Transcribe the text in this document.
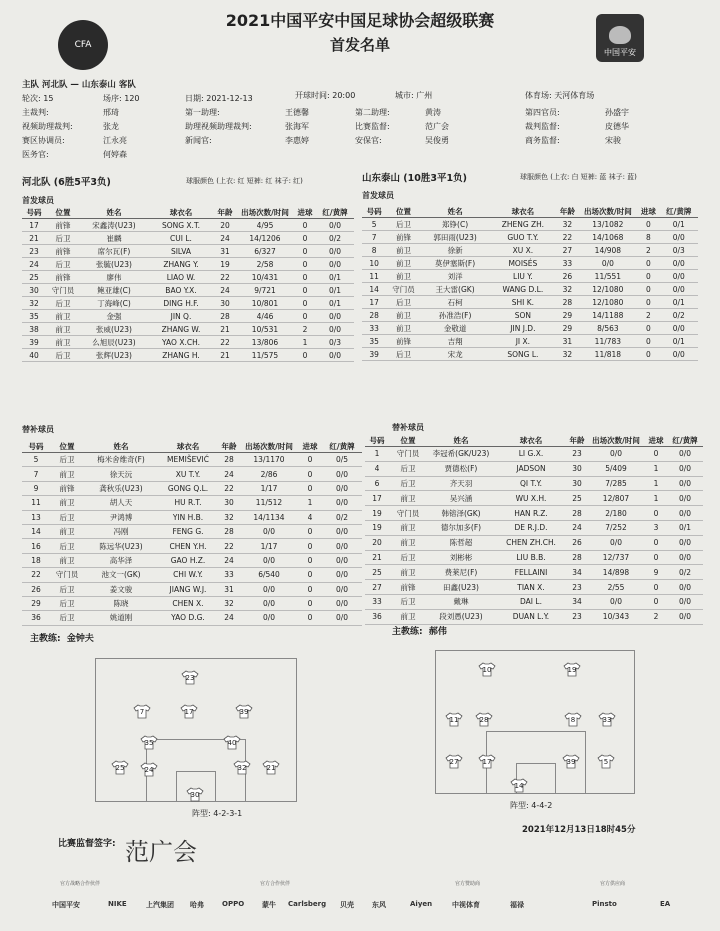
CFA
2021中国平安中国足球协会超级联赛
首发名单	中国平安
主队 河北队 — 山东泰山 客队
轮次: 15	场序: 120	日期: 2021-12-13	开球时间: 20:00	城市: 广州	体育场: 天河体育场
主裁判:	邢琦	第一助理:	王德馨	第二助理:	黄涛	第四官员:	孙盛宇
视频助理裁判:	张龙	助理视频助理裁判:	张海军	比赛监督:	范广会	裁判监督:	皮德华
赛区协调员:	江永亮	新闻官:	李惠婷	安保官:	吴俊勇	商务监督:	宋骏
医务官:	何婷森
河北队 (6胜5平3负)	球服颜色 (上衣: 红 短裤: 红 袜子: 红)
首发球员
山东泰山 (10胜3平1负)	球服颜色 (上衣: 白 短裤: 蓝 袜子: 蓝)
首发球员
号码	位置	姓名	球衣名	年龄	出场次数/时间	进球	红/黄牌
17	前锋	宋鑫涛(U23)	SONG X.T.	20	4/95	0	0/0
21	后卫	崔麟	CUI L.	24	14/1206	0	0/2
23	前锋	席尔瓦(F)	SILVA	31	6/327	0	0/0
24	后卫	张毓(U23)	ZHANG Y.	19	2/58	0	0/0
25	前锋	廖伟	LIAO W.	22	10/431	0	0/1
30	守门员	鲍亚雄(C)	BAO Y.X.	24	9/721	0	0/1
32	后卫	丁海峰(C)	DING H.F.	30	10/801	0	0/1
35	前卫	金强	JIN Q.	28	4/46	0	0/0
38	前卫	张威(U23)	ZHANG W.	21	10/531	2	0/0
39	前卫	么旭辰(U23)	YAO X.CH.	22	13/806	1	0/3
40	后卫	张辉(U23)	ZHANG H.	21	11/575	0	0/0
号码	位置	姓名	球衣名	年龄	出场次数/时间	进球	红/黄牌
5	后卫	郑铮(C)	ZHENG ZH.	32	13/1082	0	0/1
7	前锋	郭田雨(U23)	GUO T.Y.	22	14/1068	8	0/0
8	前卫	徐新	XU X.	27	14/908	2	0/3
10	前卫	莫伊塞斯(F)	MOISÉS	33	0/0	0	0/0
11	前卫	刘洋	LIU Y.	26	11/551	0	0/0
14	守门员	王大雷(GK)	WANG D.L.	32	12/1080	0	0/0
17	后卫	石柯	SHI K.	28	12/1080	0	0/1
28	前卫	孙准浩(F)	SON	29	14/1188	2	0/2
33	前卫	金敬道	JIN J.D.	29	8/563	0	0/0
35	前锋	吉翔	JI X.	31	11/783	0	0/1
39	后卫	宋龙	SONG L.	32	11/818	0	0/0
替补球员	替补球员
号码	位置	姓名	球衣名	年龄	出场次数/时间	进球	红/黄牌
5	后卫	梅米舍维奇(F)	MEMIŠEVIĆ	28	13/1170	0	0/5
7	前卫	徐天沅	XU T.Y.	24	2/86	0	0/0
9	前锋	龚秋乐(U23)	GONG Q.L.	22	1/17	0	0/0
11	前卫	胡人天	HU R.T.	30	11/512	1	0/0
13	后卫	尹鸿博	YIN H.B.	32	14/1134	4	0/2
14	前卫	冯刚	FENG G.	28	0/0	0	0/0
16	后卫	陈远华(U23)	CHEN Y.H.	22	1/17	0	0/0
18	前卫	高华泽	GAO H.Z.	24	0/0	0	0/0
22	守门员	池文一(GK)	CHI W.Y.	33	6/540	0	0/0
26	后卫	姜文骏	JIANG W.J.	31	0/0	0	0/0
29	后卫	陈晓	CHEN X.	32	0/0	0	0/0
36	后卫	姚道刚	YAO D.G.	24	0/0	0	0/0
号码	位置	姓名	球衣名	年龄	出场次数/时间	进球	红/黄牌
1	守门员	李冠希(GK/U23)	LI G.X.	23	0/0	0	0/0
4	后卫	贾德松(F)	JADSON	30	5/409	1	0/0
6	后卫	齐天羽	QI T.Y.	30	7/285	1	0/0
17	前卫	吴兴涵	WU X.H.	25	12/807	1	0/0
19	守门员	韩镕泽(GK)	HAN R.Z.	28	2/180	0	0/0
19	前卫	德尔加多(F)	DE R.J.D.	24	7/252	3	0/1
20	前卫	陈哲超	CHEN ZH.CH.	26	0/0	0	0/0
21	后卫	刘彬彬	LIU B.B.	28	12/737	0	0/0
25	前卫	费莱尼(F)	FELLAINI	34	14/898	9	0/2
27	前锋	田鑫(U23)	TIAN X.	23	2/55	0	0/0
33	后卫	戴琳	DAI L.	34	0/0	0	0/0
36	前卫	段刘愚(U23)	DUAN L.Y.	23	10/343	2	0/0
主教练: 金钟夫
主教练: 郝伟
23
17
7	39
35	40
25	24	32	21
30
阵型: 4-2-3-1
10	19
11	28	8	33
27	17	39	5
14
阵型: 4-4-2
2021年12月13日18时45分
比赛监督签字: 范广会
官方战略合作伙伴	官方合作伙伴	官方赞助商	官方供应商
中国平安	NIKE	上汽集团 哈弗	OPPO	蒙牛 Carlsberg 贝壳	东风	Aiyen	中视体育	福禄	Pinsto	EA
